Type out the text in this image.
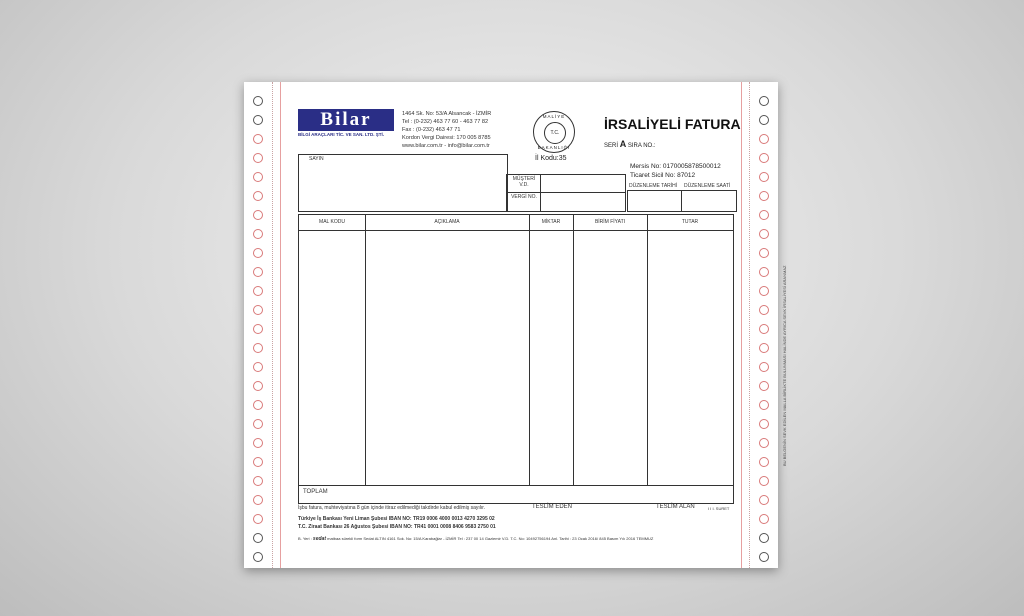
Bilar
BİLGİ ARAÇLARI TİC. VE SAN. LTD. ŞTİ.
1464 Sk. No: 53/A Alsancak - İZMİR
Tel : (0-232) 463 77 60 - 463 77 82
Fax : (0-232) 463 47 71
Kordon Vergi Dairesi: 170 005 8785
www.bilar.com.tr - info@bilar.com.tr
MALİYE
T.C.
BAKANLIĞI
İl Kodu:35
İRSALİYELİ FATURA
SERİ A SIRA NO.:
Mersis No: 0170005878500012
Ticaret Sicil No: 87012
SAYIN
MÜŞTERİ V.D.
VERGİ NO.
DÜZENLEME TARİHİ DÜZENLEME SAATİ
MAL KODU	AÇIKLAMA	MİKTAR	BİRİM FİYATI	TUTAR
TOPLAM
BU BELGENİN SEVK EDİLEN MALLA BİRLİKTE BULUNMASI HALİNDE AYRICA SEVK İRSALİYESİ ARANMAZ
İşbu fatura, muhteviyatına 8 gün içinde itiraz edilmediği takdirde kabul edilmiş sayılır.	TESLİM EDEN	TESLİM ALAN	I I I. SURET
Türkiye İş Bankası Yeni Liman Şubesi IBAN NO: TR19 0006 4000 0013 4270 3295 02
T.C. Ziraat Bankası 26 Ağustos Şubesi IBAN NO: TR41 0001 0008 8406 9583 2750 01
B. Yeri : sedat matbaa sürekli form Sedat ALTIN 4161 Sok. No: 15/A Karabağlar - İZMİR Tel : 237 00 14 Gaziemir V.D. T.C. No: 10492756194 Anl. Tarihi : 23 Ocak 2016/ 845 Basım Yılı 2016 TEMMUZ
